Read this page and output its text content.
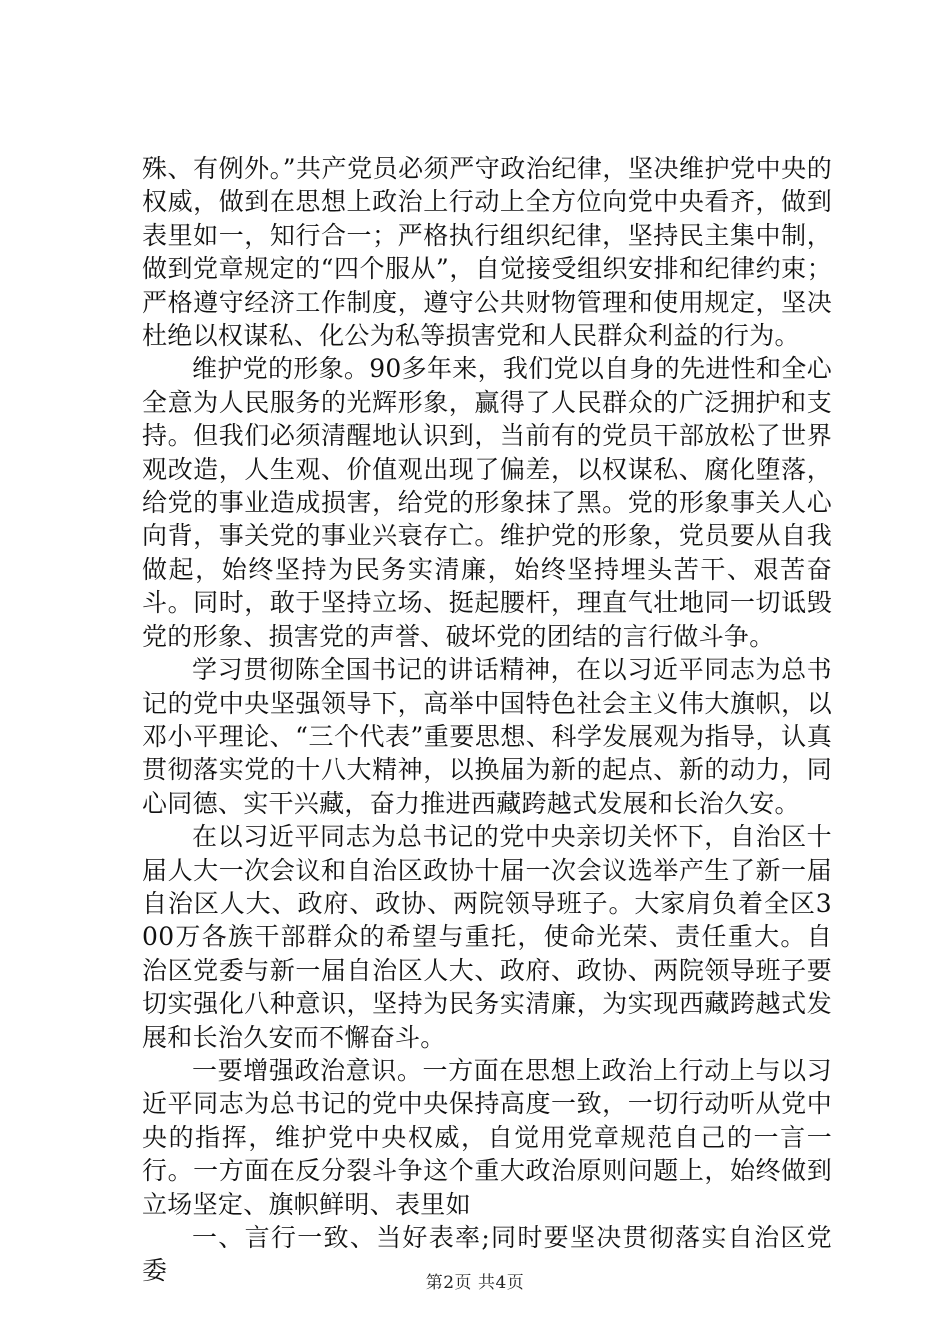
殊、有例外。”共产党员必须严守政治纪律，坚决维护党中央的权威，做到在思想上政治上行动上全方位向党中央看齐，做到表里如一，知行合一；严格执行组织纪律，坚持民主集中制，做到党章规定的“四个服从”，自觉接受组织安排和纪律约束；严格遵守经济工作制度，遵守公共财物管理和使用规定，坚决杜绝以权谋私、化公为私等损害党和人民群众利益的行为。

维护党的形象。90多年来，我们党以自身的先进性和全心全意为人民服务的光辉形象，赢得了人民群众的广泛拥护和支持。但我们必须清醒地认识到，当前有的党员干部放松了世界观改造，人生观、价值观出现了偏差，以权谋私、腐化堕落，给党的事业造成损害，给党的形象抹了黑。党的形象事关人心向背，事关党的事业兴衰存亡。维护党的形象，党员要从自我做起，始终坚持为民务实清廉，始终坚持埋头苦干、艰苦奋斗。同时，敢于坚持立场、挺起腰杆，理直气壮地同一切诋毁党的形象、损害党的声誉、破坏党的团结的言行做斗争。

学习贯彻陈全国书记的讲话精神，在以习近平同志为总书记的党中央坚强领导下，高举中国特色社会主义伟大旗帜，以邓小平理论、“三个代表”重要思想、科学发展观为指导，认真贯彻落实党的十八大精神，以换届为新的起点、新的动力，同心同德、实干兴藏，奋力推进西藏跨越式发展和长治久安。

在以习近平同志为总书记的党中央亲切关怀下，自治区十届人大一次会议和自治区政协十届一次会议选举产生了新一届自治区人大、政府、政协、两院领导班子。大家肩负着全区300万各族干部群众的希望与重托，使命光荣、责任重大。自治区党委与新一届自治区人大、政府、政协、两院领导班子要切实强化八种意识，坚持为民务实清廉，为实现西藏跨越式发展和长治久安而不懈奋斗。

一要增强政治意识。一方面在思想上政治上行动上与以习近平同志为总书记的党中央保持高度一致，一切行动听从党中央的指挥，维护党中央权威，自觉用党章规范自己的一言一行。一方面在反分裂斗争这个重大政治原则问题上，始终做到立场坚定、旗帜鲜明、表里如

一、言行一致、当好表率;同时要坚决贯彻落实自治区党委	第2页 共4页
